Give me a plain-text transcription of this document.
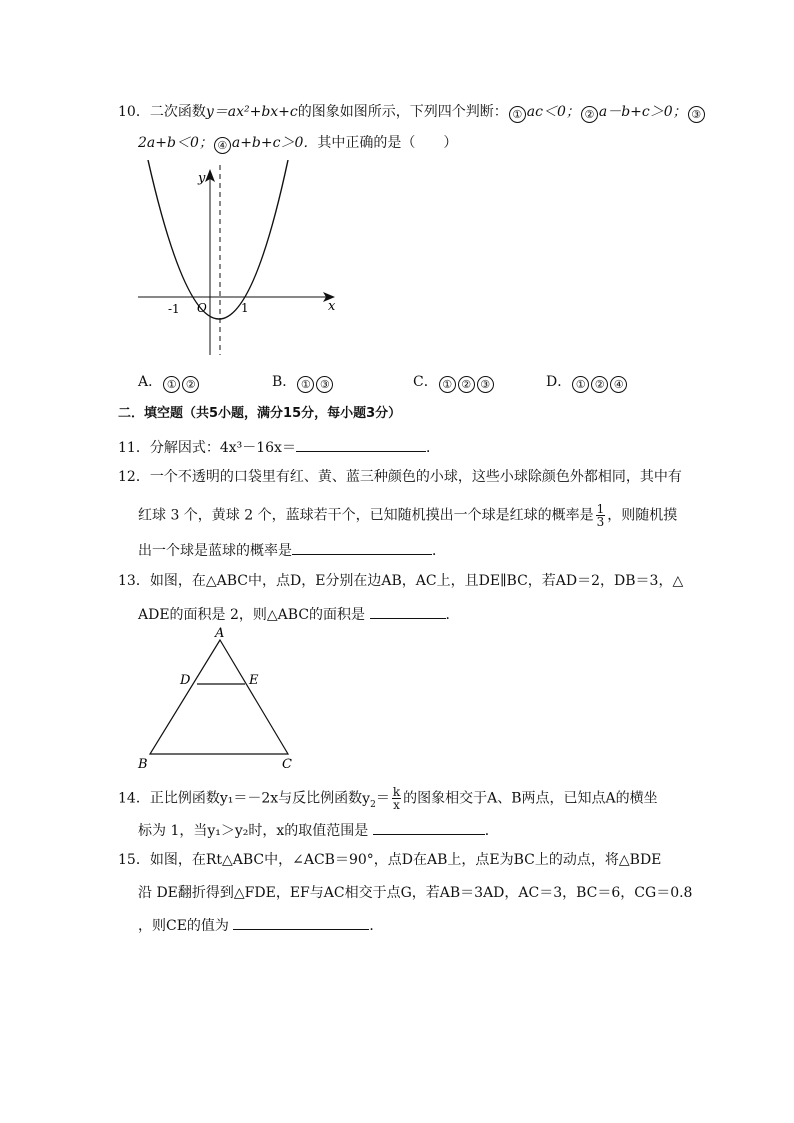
10．二次函数y＝ax²+bx+c的图象如图所示，下列四个判断： ① ac＜0； ② a－b+c＞0； ③
2a+b＜0； ④ a+b+c＞0．其中正确的是（　　）
y
x
O
-1	1
A． ① ②	B． ① ③	C． ① ② ③	D． ① ② ④
二．填空题（共5小题，满分15分，每小题3分）
11．分解因式：4x³－16x＝	．
12．一个不透明的口袋里有红、黄、蓝三种颜色的小球，这些小球除颜色外都相同，其中有
红球 3 个，黄球 2 个，蓝球若干个，已知随机摸出一个球是红球的概率是 $\frac{1}{3}$ ，则随机摸
出一个球是蓝球的概率是	．
13．如图，在△ABC中，点D，E分别在边AB，AC上，且DE∥BC，若AD＝2，DB＝3，△
ADE的面积是 2，则△ABC的面积是	．
A
D	E
B	C
14．正比例函数y₁＝－2x与反比例函数$y_2= \frac{k}{x}$ 的图象相交于A、B两点，已知点A的横坐
标为 1，当y₁＞y₂时，x的取值范围是	．
15．如图，在Rt△ABC中，∠ACB＝90°，点D在AB上，点E为BC上的动点，将△BDE
沿 DE翻折得到△FDE，EF与AC相交于点G，若AB＝3AD，AC＝3，BC＝6，CG＝0.8
，则CE的值为	．
